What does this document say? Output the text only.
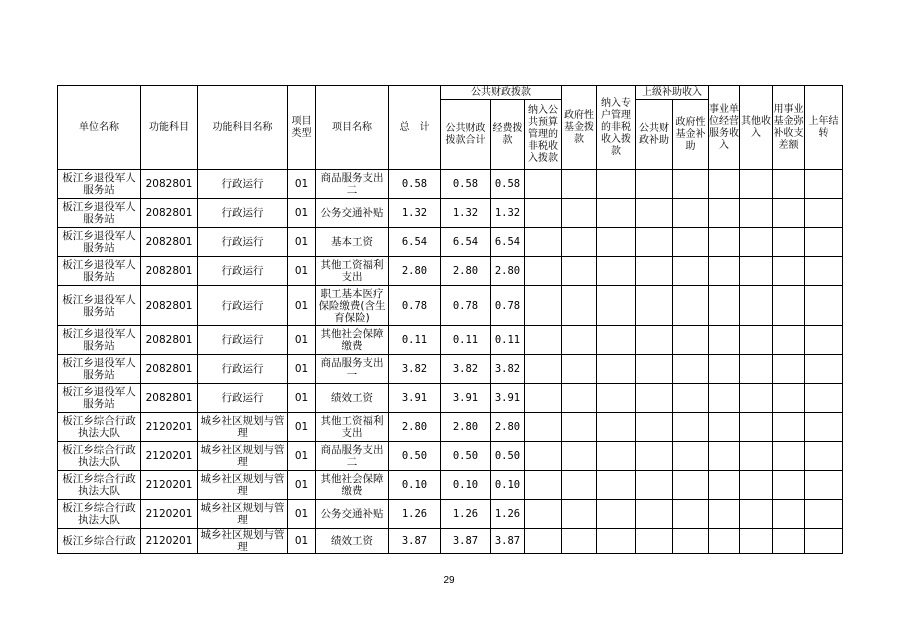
单位名称	功能科目	功能科目名称	项目类型	项目名称	总　计	公共财政拨款			政府性基金拨款	纳入专户管理的非税收入拨款	上级补助收入		事业单位经营服务收入	其他收入	用事业基金弥补收支差额	上年结转
						公共财政拨款合计	经费拨款	纳入公共预算管理的非税收入拨款			公共财政补助	政府性基金补助				
板江乡退役军人服务站	2082801	行政运行	01	商品服务支出二	0.58	0.58	0.58									
板江乡退役军人服务站	2082801	行政运行	01	公务交通补贴	1.32	1.32	1.32									
板江乡退役军人服务站	2082801	行政运行	01	基本工资	6.54	6.54	6.54									
板江乡退役军人服务站	2082801	行政运行	01	其他工资福利支出	2.80	2.80	2.80									
板江乡退役军人服务站	2082801	行政运行	01	职工基本医疗保险缴费(含生育保险)	0.78	0.78	0.78									
板江乡退役军人服务站	2082801	行政运行	01	其他社会保障缴费	0.11	0.11	0.11									
板江乡退役军人服务站	2082801	行政运行	01	商品服务支出一	3.82	3.82	3.82									
板江乡退役军人服务站	2082801	行政运行	01	绩效工资	3.91	3.91	3.91									
板江乡综合行政执法大队	2120201	城乡社区规划与管理	01	其他工资福利支出	2.80	2.80	2.80									
板江乡综合行政执法大队	2120201	城乡社区规划与管理	01	商品服务支出二	0.50	0.50	0.50									
板江乡综合行政执法大队	2120201	城乡社区规划与管理	01	其他社会保障缴费	0.10	0.10	0.10									
板江乡综合行政执法大队	2120201	城乡社区规划与管理	01	公务交通补贴	1.26	1.26	1.26									
板江乡综合行政	2120201	城乡社区规划与管理	01	绩效工资	3.87	3.87	3.87									
29
